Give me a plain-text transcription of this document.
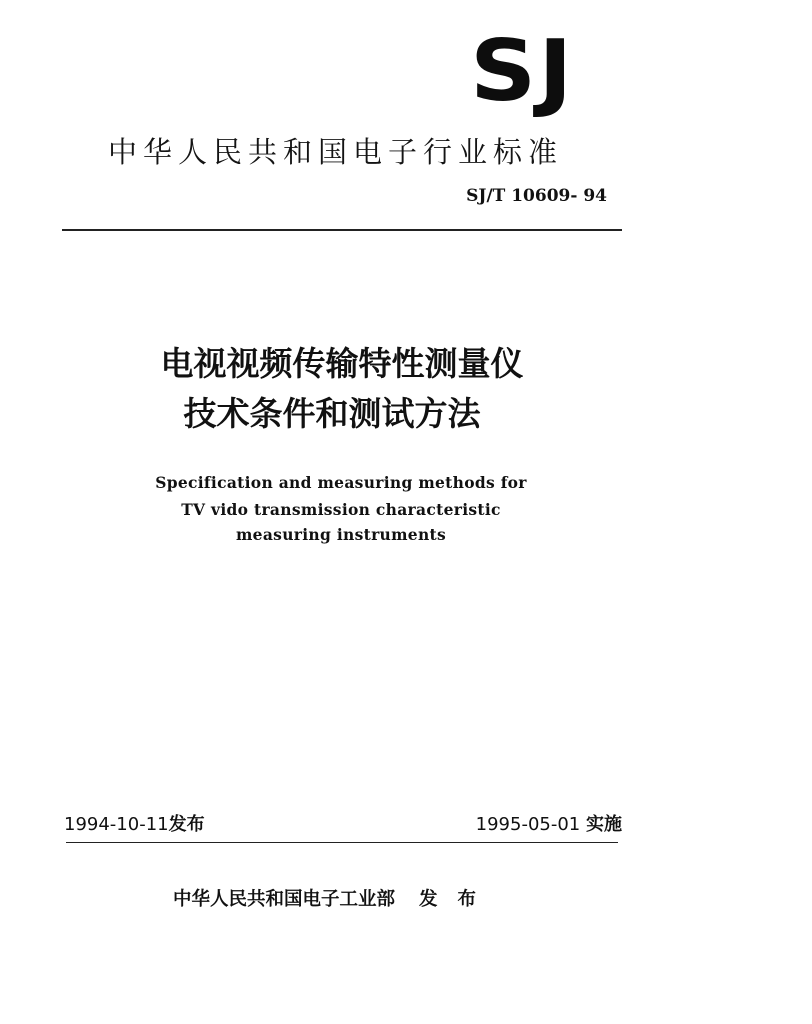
SJ
中华人民共和国电子行业标准
SJ/T 10609- 94
电视视频传输特性测量仪
技术条件和测试方法
Specification and measuring methods for
TV vido transmission characteristic
measuring instruments
1994-10-11发布	1995-05-01 实施
中华人民共和国电子工业部 发布
